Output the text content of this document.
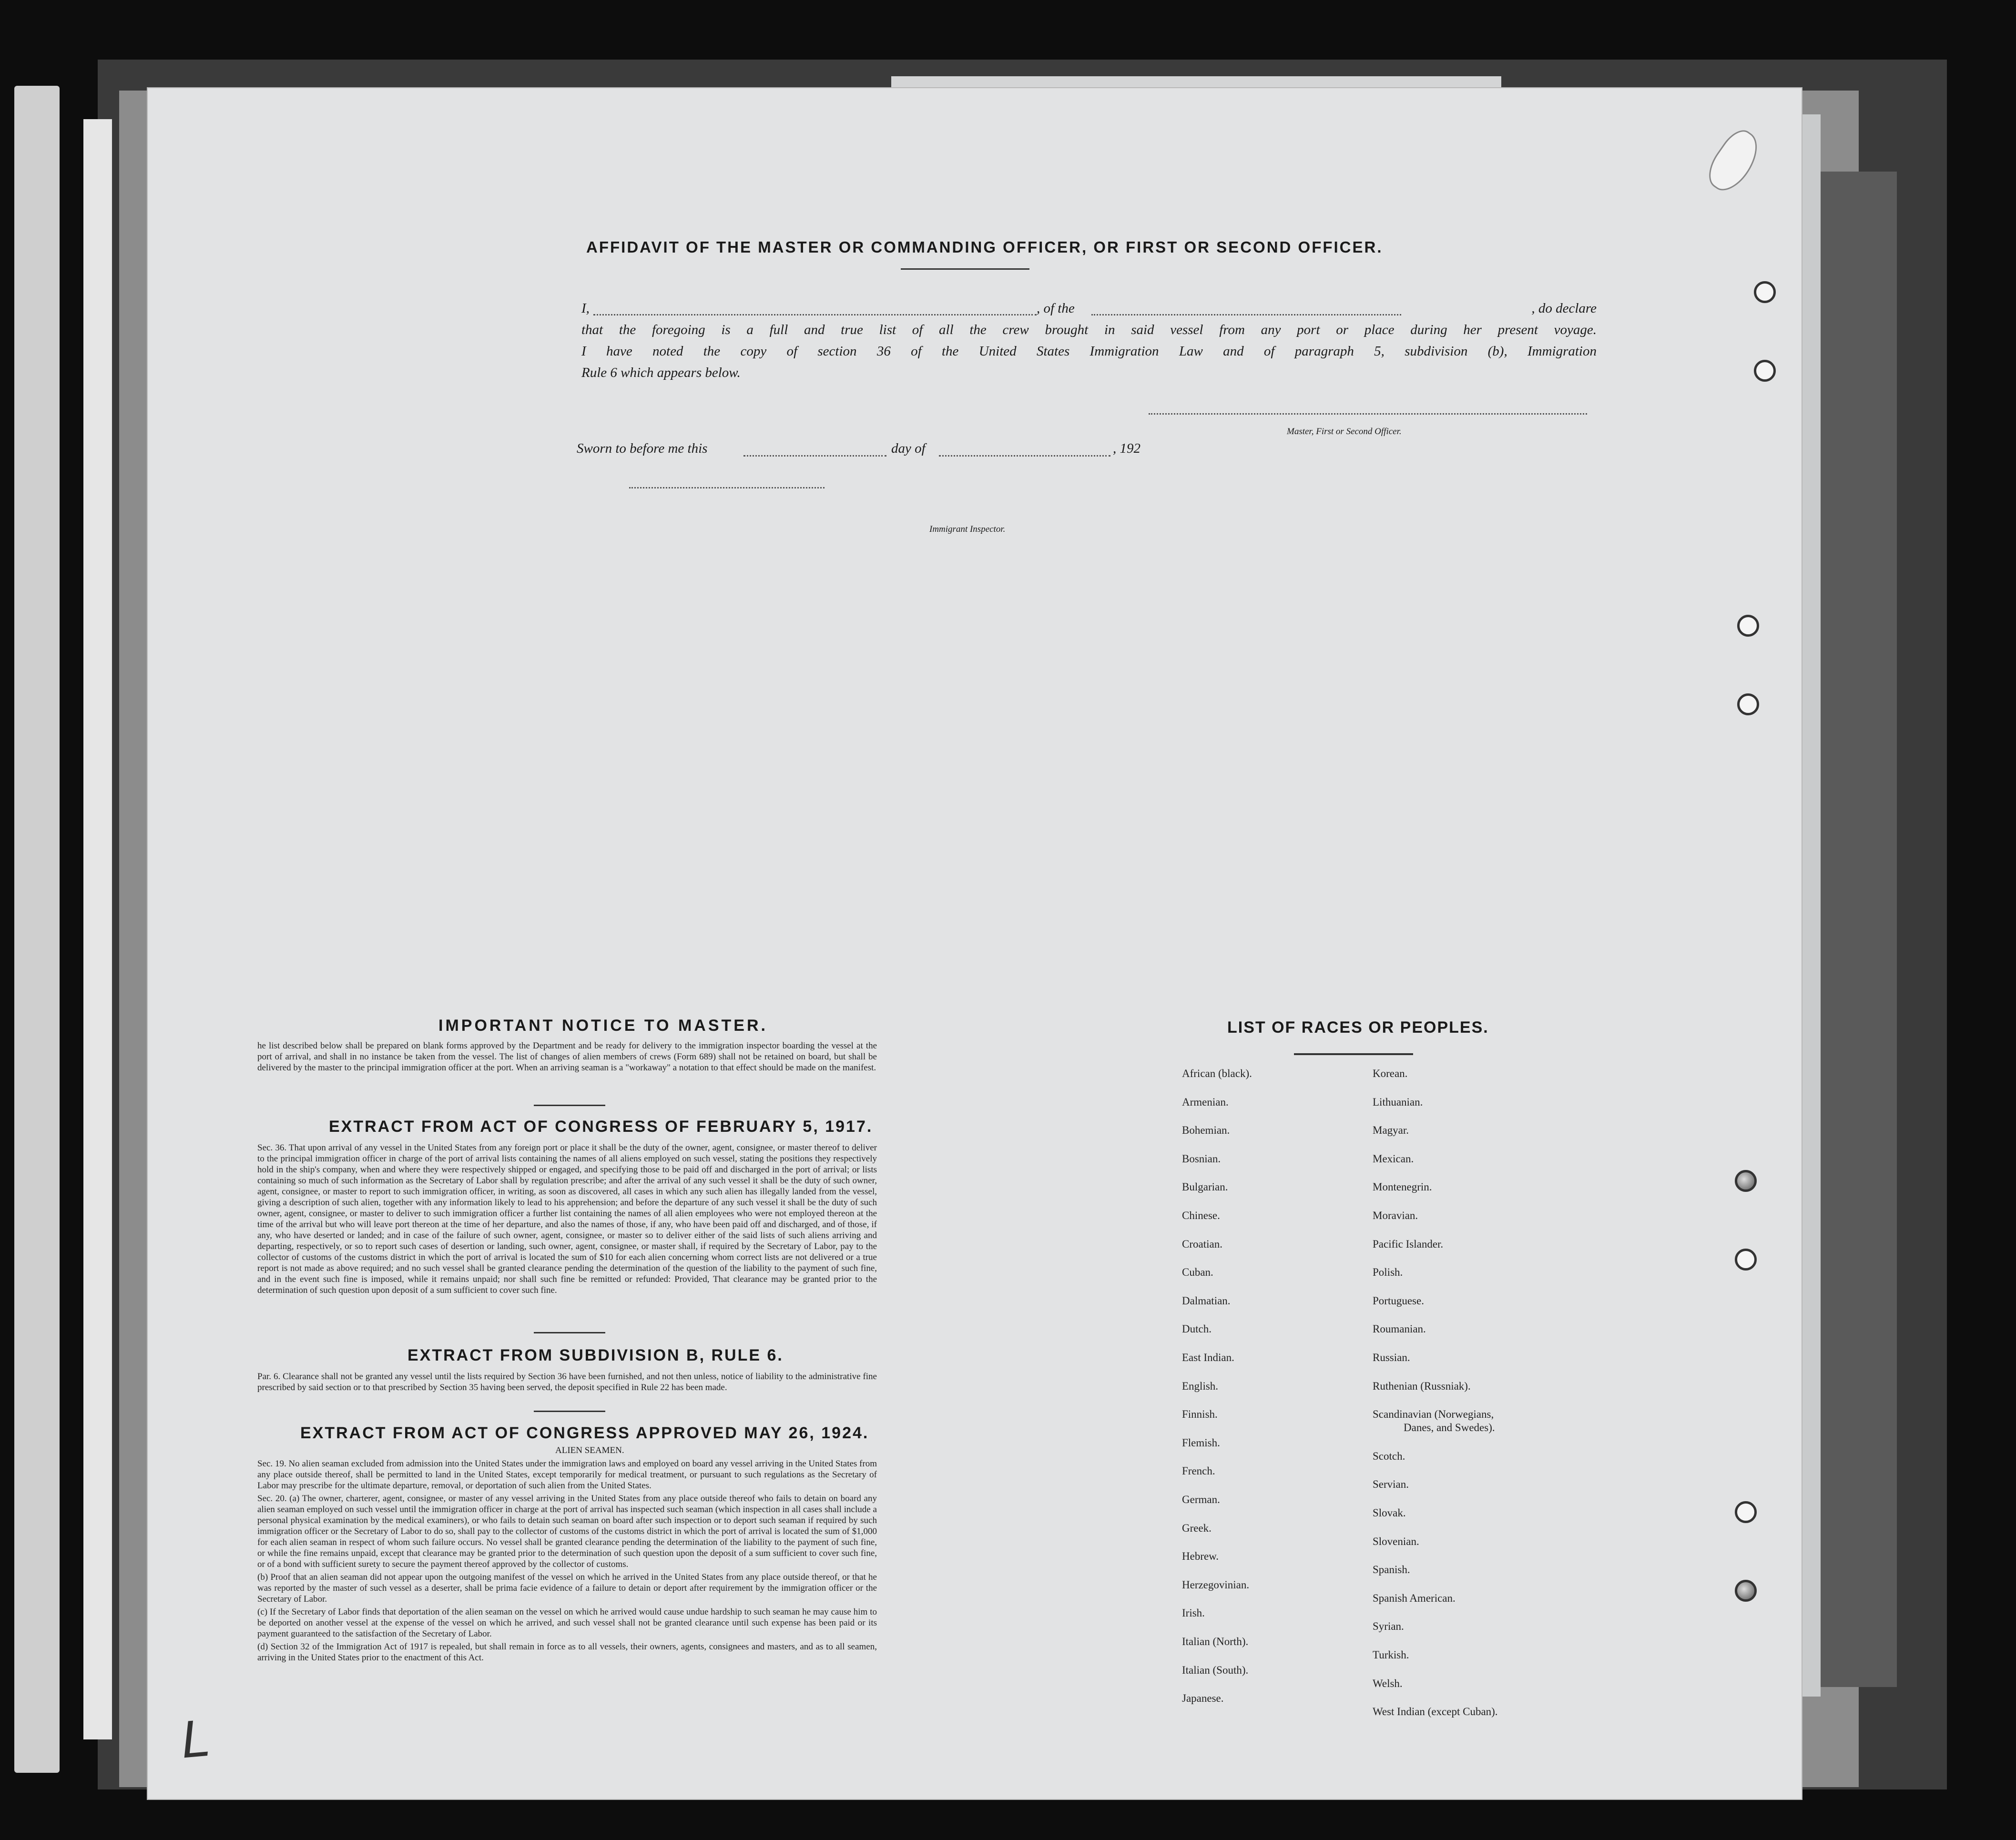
AFFIDAVIT OF THE MASTER OR COMMANDING OFFICER, OR FIRST OR SECOND OFFICER.
I,	, of the	, do declare
that the foregoing is a full and true list of all the crew brought in said vessel from any port or place during her present voyage.
I have noted the copy of section 36 of the United States Immigration Law and of paragraph 5, subdivision (b), Immigration
Rule 6 which appears below.
Master, First or Second Officer.
Sworn to before me this	day of	, 192
Immigrant Inspector.
IMPORTANT NOTICE TO MASTER.
he list described below shall be prepared on blank forms approved by the Department and be ready for delivery to the immigration inspector boarding the vessel at the port of arrival, and shall in no instance be taken from the vessel. The list of changes of alien members of crews (Form 689) shall not be retained on board, but shall be delivered by the master to the principal immigration officer at the port. When an arriving seaman is a "workaway" a notation to that effect should be made on the manifest.
EXTRACT FROM ACT OF CONGRESS OF FEBRUARY 5, 1917.
Sec. 36. That upon arrival of any vessel in the United States from any foreign port or place it shall be the duty of the owner, agent, consignee, or master thereof to deliver to the principal immigration officer in charge of the port of arrival lists containing the names of all aliens employed on such vessel, stating the positions they respectively hold in the ship's company, when and where they were respectively shipped or engaged, and specifying those to be paid off and discharged in the port of arrival; or lists containing so much of such information as the Secretary of Labor shall by regulation prescribe; and after the arrival of any such vessel it shall be the duty of such owner, agent, consignee, or master to report to such immigration officer, in writing, as soon as discovered, all cases in which any such alien has illegally landed from the vessel, giving a description of such alien, together with any information likely to lead to his apprehension; and before the departure of any such vessel it shall be the duty of such owner, agent, consignee, or master to deliver to such immigration officer a further list containing the names of all alien employees who were not employed thereon at the time of the arrival but who will leave port thereon at the time of her departure, and also the names of those, if any, who have been paid off and discharged, and of those, if any, who have deserted or landed; and in case of the failure of such owner, agent, consignee, or master so to deliver either of the said lists of such aliens arriving and departing, respectively, or so to report such cases of desertion or landing, such owner, agent, consignee, or master shall, if required by the Secretary of Labor, pay to the collector of customs of the customs district in which the port of arrival is located the sum of $10 for each alien concerning whom correct lists are not delivered or a true report is not made as above required; and no such vessel shall be granted clearance pending the determination of the question of the liability to the payment of such fine, and in the event such fine is imposed, while it remains unpaid; nor shall such fine be remitted or refunded: Provided, That clearance may be granted prior to the determination of such question upon deposit of a sum sufficient to cover such fine.
EXTRACT FROM SUBDIVISION B, RULE 6.
Par. 6. Clearance shall not be granted any vessel until the lists required by Section 36 have been furnished, and not then unless, notice of liability to the administrative fine prescribed by said section or to that prescribed by Section 35 having been served, the deposit specified in Rule 22 has been made.
EXTRACT FROM ACT OF CONGRESS APPROVED MAY 26, 1924.
ALIEN SEAMEN.
Sec. 19. No alien seaman excluded from admission into the United States under the immigration laws and employed on board any vessel arriving in the United States from any place outside thereof, shall be permitted to land in the United States, except temporarily for medical treatment, or pursuant to such regulations as the Secretary of Labor may prescribe for the ultimate departure, removal, or deportation of such alien from the United States.
Sec. 20. (a) The owner, charterer, agent, consignee, or master of any vessel arriving in the United States from any place outside thereof who fails to detain on board any alien seaman employed on such vessel until the immigration officer in charge at the port of arrival has inspected such seaman (which inspection in all cases shall include a personal physical examination by the medical examiners), or who fails to detain such seaman on board after such inspection or to deport such seaman if required by such immigration officer or the Secretary of Labor to do so, shall pay to the collector of customs of the customs district in which the port of arrival is located the sum of $1,000 for each alien seaman in respect of whom such failure occurs. No vessel shall be granted clearance pending the determination of the liability to the payment of such fine, or while the fine remains unpaid, except that clearance may be granted prior to the determination of such question upon the deposit of a sum sufficient to cover such fine, or of a bond with sufficient surety to secure the payment thereof approved by the collector of customs.
(b) Proof that an alien seaman did not appear upon the outgoing manifest of the vessel on which he arrived in the United States from any place outside thereof, or that he was reported by the master of such vessel as a deserter, shall be prima facie evidence of a failure to detain or deport after requirement by the immigration officer or the Secretary of Labor.
(c) If the Secretary of Labor finds that deportation of the alien seaman on the vessel on which he arrived would cause undue hardship to such seaman he may cause him to be deported on another vessel at the expense of the vessel on which he arrived, and such vessel shall not be granted clearance until such expense has been paid or its payment guaranteed to the satisfaction of the Secretary of Labor.
(d) Section 32 of the Immigration Act of 1917 is repealed, but shall remain in force as to all vessels, their owners, agents, consignees and masters, and as to all seamen, arriving in the United States prior to the enactment of this Act.
LIST OF RACES OR PEOPLES.
African (black).
Armenian.
Bohemian.
Bosnian.
Bulgarian.
Chinese.
Croatian.
Cuban.
Dalmatian.
Dutch.
East Indian.
English.
Finnish.
Flemish.
French.
German.
Greek.
Hebrew.
Herzegovinian.
Irish.
Italian (North).
Italian (South).
Japanese.
Korean.
Lithuanian.
Magyar.
Mexican.
Montenegrin.
Moravian.
Pacific Islander.
Polish.
Portuguese.
Roumanian.
Russian.
Ruthenian (Russniak).
Scandinavian (Norwegians,
Danes, and Swedes).
Scotch.
Servian.
Slovak.
Slovenian.
Spanish.
Spanish American.
Syrian.
Turkish.
Welsh.
West Indian (except Cuban).
L
